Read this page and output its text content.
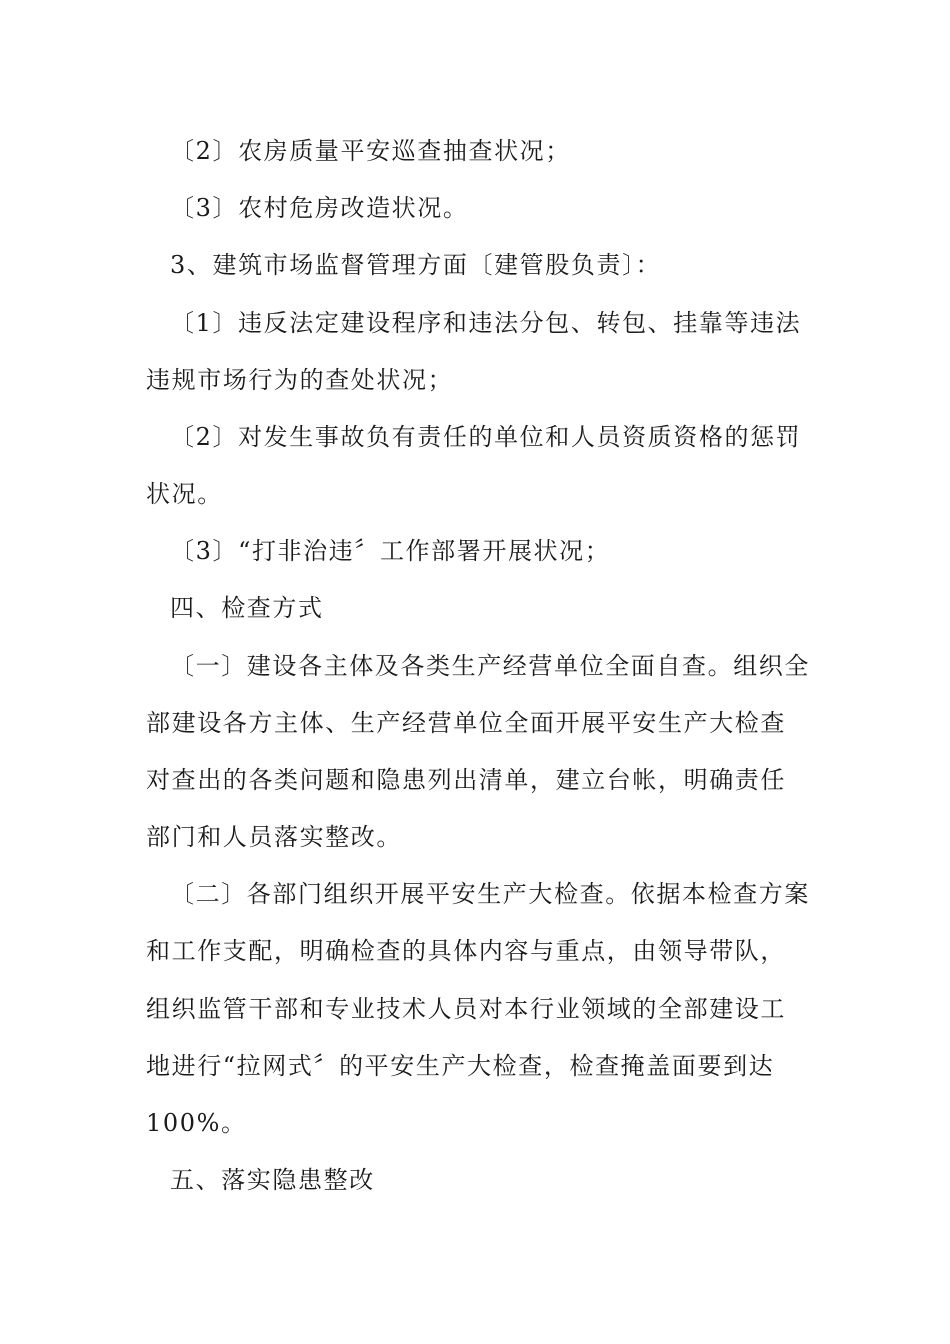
〔2〕农房质量平安巡查抽查状况；
〔3〕农村危房改造状况。
3、建筑市场监督管理方面〔建管股负责〕：
〔1〕违反法定建设程序和违法分包、转包、挂靠等违法
违规市场行为的查处状况；
〔2〕对发生事故负有责任的单位和人员资质资格的惩罚
状况。
〔3〕“打非治违〞工作部署开展状况；
四、检查方式
〔一〕建设各主体及各类生产经营单位全面自查。组织全
部建设各方主体、生产经营单位全面开展平安生产大检查
对查出的各类问题和隐患列出清单，建立台帐，明确责任
部门和人员落实整改。
〔二〕各部门组织开展平安生产大检查。依据本检查方案
和工作支配，明确检查的具体内容与重点，由领导带队，
组织监管干部和专业技术人员对本行业领域的全部建设工
地进行“拉网式〞的平安生产大检查，检查掩盖面要到达
100%。
五、落实隐患整改
